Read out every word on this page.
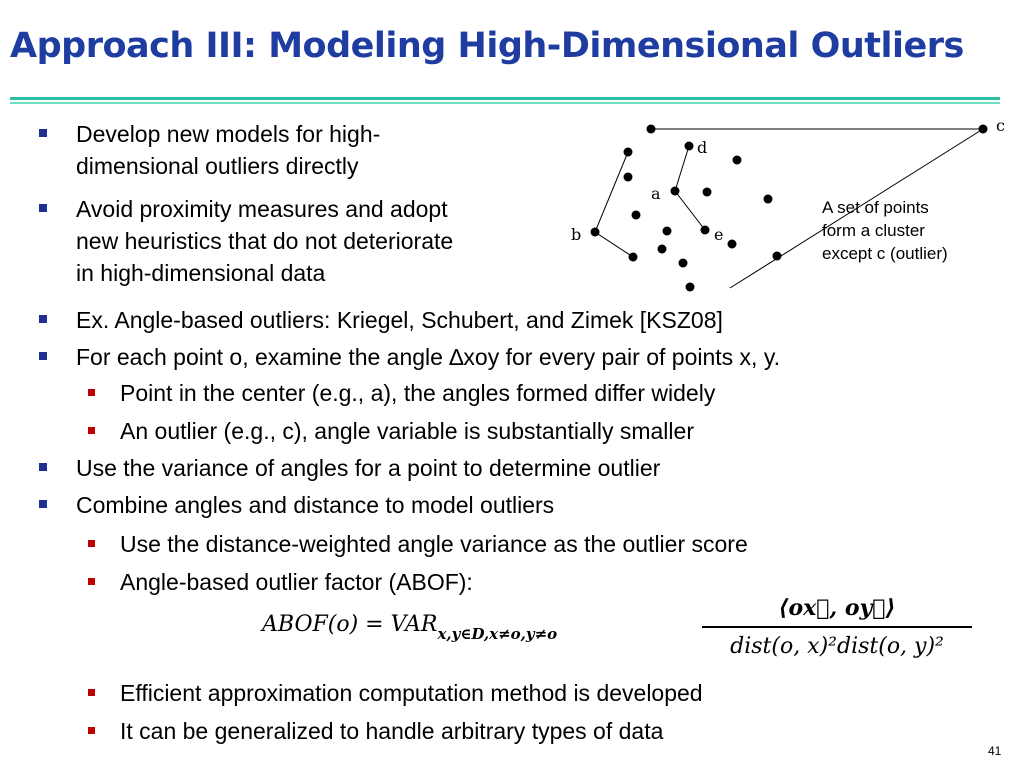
Approach III: Modeling High-Dimensional Outliers
Develop new models for high-
dimensional outliers directly
Avoid proximity measures and adopt
new heuristics that do not deteriorate
in high-dimensional data
Ex. Angle-based outliers: Kriegel, Schubert, and Zimek [KSZ08]
For each point o, examine the angle ∆xoy for every pair of points x, y.
Point in the center (e.g., a), the angles formed differ widely
An outlier (e.g., c), angle variable is substantially smaller
Use the variance of angles for a point to determine outlier
Combine angles and distance to model outliers
Use the distance-weighted angle variance as the outlier score
Angle-based outlier factor (ABOF):
ABOF(o) = $VAR_{x,y\in D,x\ne o,y\ne o}$
⟨ox⃗, oy⃗⟩
dist(o, x)²dist(o, y)²
Efficient approximation computation method is developed
It can be generalized to handle arbitrary types of data
c
d
a
b	e
A set of points
form a cluster
except c (outlier)
41
